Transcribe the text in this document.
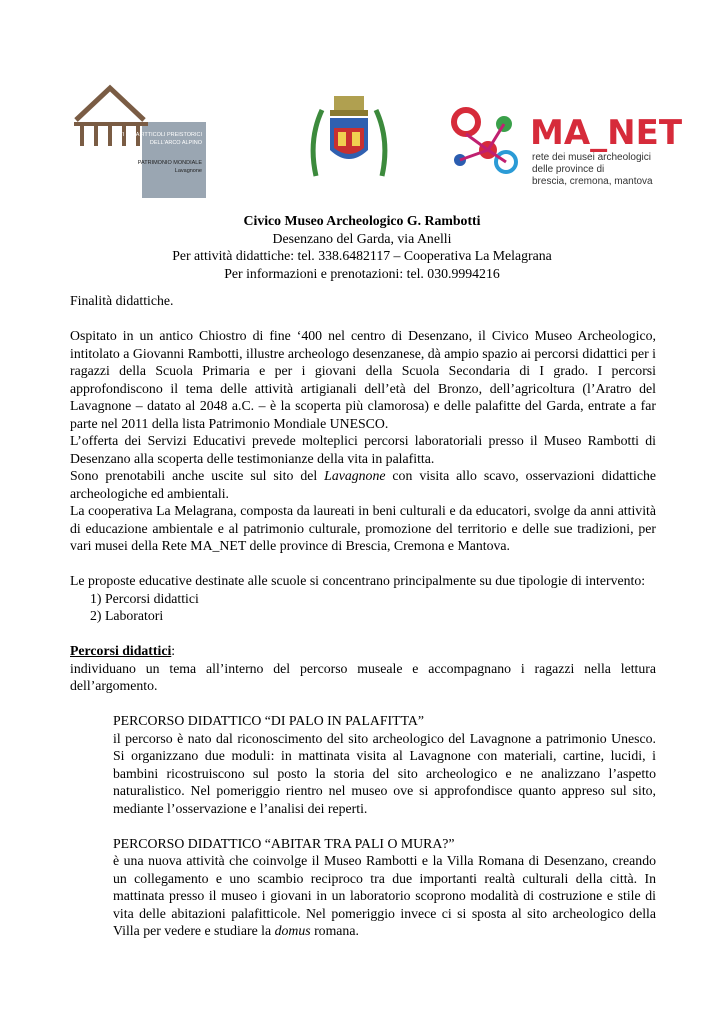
SITI PALAFITTICOLI PREISTORICI
DELL'ARCO ALPINO
PATRIMONIO MONDIALE
Lavagnone
MA_NET
rete dei musei archeologici
delle province di
brescia, cremona, mantova
Civico Museo Archeologico G. Rambotti
Desenzano del Garda, via Anelli
Per attività didattiche: tel. 338.6482117 – Cooperativa La Melagrana
Per informazioni e prenotazioni: tel. 030.9994216

Finalità didattiche.

Ospitato in un antico Chiostro di fine ‘400 nel centro di Desenzano, il Civico Museo Archeologico, intitolato a Giovanni Rambotti, illustre archeologo desenzanese, dà ampio spazio ai percorsi didattici per i ragazzi della Scuola Primaria e per i giovani della Scuola Secondaria di I grado. I percorsi approfondiscono il tema delle attività artigianali dell’età del Bronzo, dell’agricoltura (l’Aratro del Lavagnone – datato al 2048 a.C. – è la scoperta più clamorosa) e delle palafitte del Garda, entrate a far parte nel 2011 della lista Patrimonio Mondiale UNESCO.

L’offerta dei Servizi Educativi prevede molteplici percorsi laboratoriali presso il Museo Rambotti di Desenzano alla scoperta delle testimonianze della vita in palafitta.

Sono prenotabili anche uscite sul sito del Lavagnone con visita allo scavo, osservazioni didattiche archeologiche ed ambientali.

La cooperativa La Melagrana, composta da laureati in beni culturali e da educatori, svolge da anni attività di educazione ambientale e al patrimonio culturale, promozione del territorio e delle sue tradizioni, per vari musei della Rete MA_NET delle province di Brescia, Cremona e Mantova.

Le proposte educative destinate alle scuole si concentrano principalmente su due tipologie di intervento:

1) Percorsi didattici
2) Laboratori

Percorsi didattici:

individuano un tema all’interno del percorso museale e accompagnano i ragazzi nella lettura dell’argomento.

PERCORSO DIDATTICO “DI PALO IN PALAFITTA”

il percorso è nato dal riconoscimento del sito archeologico del Lavagnone a patrimonio Unesco. Si organizzano due moduli: in mattinata visita al Lavagnone con materiali, cartine, lucidi, i bambini ricostruiscono sul posto la storia del sito archeologico e ne analizzano l’aspetto naturalistico. Nel pomeriggio rientro nel museo ove si approfondisce quanto appreso sul sito, mediante l’osservazione e l’analisi dei reperti.

PERCORSO DIDATTICO “ABITAR TRA PALI O MURA?”

è una nuova attività che coinvolge il Museo Rambotti e la Villa Romana di Desenzano, creando un collegamento e uno scambio reciproco tra due importanti realtà culturali della città. In mattinata presso il museo i giovani in un laboratorio scoprono modalità di costruzione e stile di vita delle abitazioni palafitticole. Nel pomeriggio invece ci si sposta al sito archeologico della Villa per vedere e studiare la domus romana.
